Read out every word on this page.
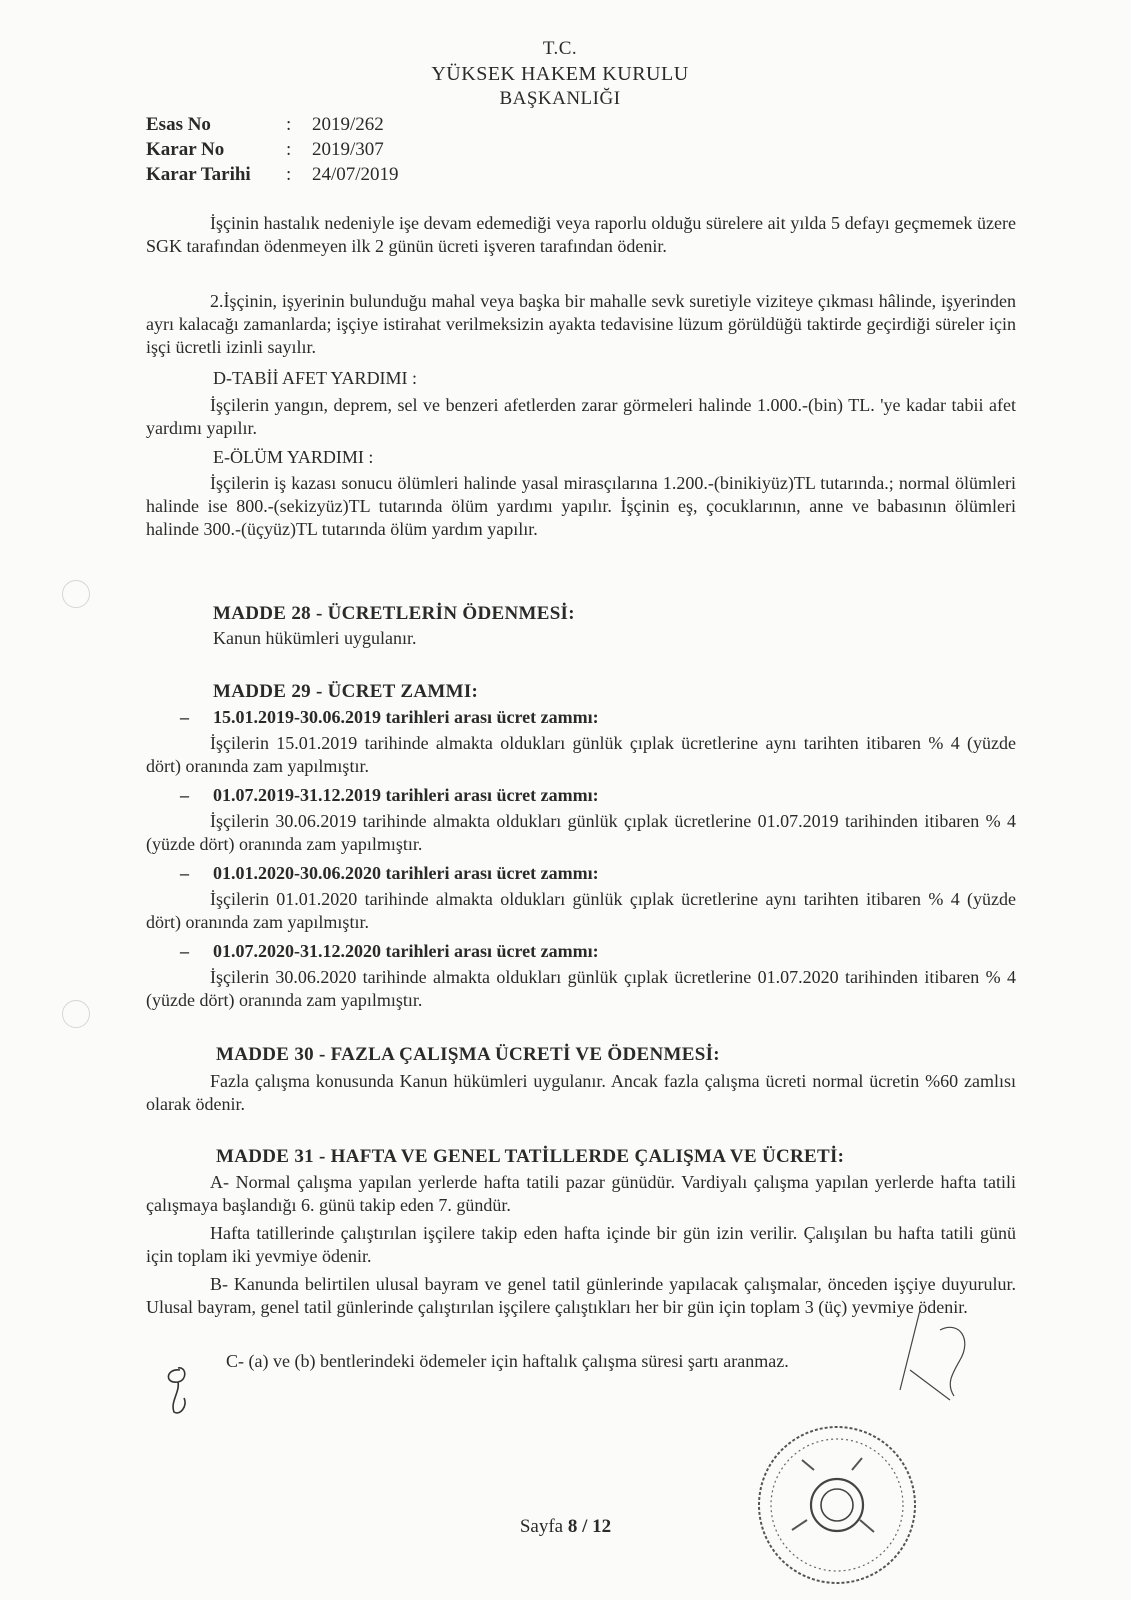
T.C.
YÜKSEK HAKEM KURULU
BAŞKANLIĞI
Esas No	: 2019/262
Karar No	: 2019/307
Karar Tarihi : 24/07/2019
İşçinin hastalık nedeniyle işe devam edemediği veya raporlu olduğu sürelere ait yılda 5 defayı geçmemek üzere SGK tarafından ödenmeyen ilk 2 günün ücreti işveren tarafından ödenir.
2.İşçinin, işyerinin bulunduğu mahal veya başka bir mahalle sevk suretiyle viziteye çıkması hâlinde, işyerinden ayrı kalacağı zamanlarda; işçiye istirahat verilmeksizin ayakta tedavisine lüzum görüldüğü taktirde geçirdiği süreler için işçi ücretli izinli sayılır.
D-TABİİ AFET YARDIMI :
İşçilerin yangın, deprem, sel ve benzeri afetlerden zarar görmeleri halinde 1.000.-(bin) TL. 'ye kadar tabii afet yardımı yapılır.
E-ÖLÜM YARDIMI :
İşçilerin iş kazası sonucu ölümleri halinde yasal mirasçılarına 1.200.-(binikiyüz)TL tutarında.; normal ölümleri halinde ise 800.-(sekizyüz)TL tutarında ölüm yardımı yapılır. İşçinin eş, çocuklarının, anne ve babasının ölümleri halinde 300.-(üçyüz)TL tutarında ölüm yardım yapılır.
MADDE 28 - ÜCRETLERİN ÖDENMESİ:
Kanun hükümleri uygulanır.
MADDE 29 - ÜCRET ZAMMI:
– 15.01.2019-30.06.2019 tarihleri arası ücret zammı:
İşçilerin 15.01.2019 tarihinde almakta oldukları günlük çıplak ücretlerine aynı tarihten itibaren % 4 (yüzde dört) oranında zam yapılmıştır.
– 01.07.2019-31.12.2019 tarihleri arası ücret zammı:
İşçilerin 30.06.2019 tarihinde almakta oldukları günlük çıplak ücretlerine 01.07.2019 tarihinden itibaren % 4 (yüzde dört) oranında zam yapılmıştır.
– 01.01.2020-30.06.2020 tarihleri arası ücret zammı:
İşçilerin 01.01.2020 tarihinde almakta oldukları günlük çıplak ücretlerine aynı tarihten itibaren % 4 (yüzde dört) oranında zam yapılmıştır.
– 01.07.2020-31.12.2020 tarihleri arası ücret zammı:
İşçilerin 30.06.2020 tarihinde almakta oldukları günlük çıplak ücretlerine 01.07.2020 tarihinden itibaren % 4 (yüzde dört) oranında zam yapılmıştır.
MADDE 30 - FAZLA ÇALIŞMA ÜCRETİ VE ÖDENMESİ:
Fazla çalışma konusunda Kanun hükümleri uygulanır. Ancak fazla çalışma ücreti normal ücretin %60 zamlısı olarak ödenir.
MADDE 31 - HAFTA VE GENEL TATİLLERDE ÇALIŞMA VE ÜCRETİ:
A- Normal çalışma yapılan yerlerde hafta tatili pazar günüdür. Vardiyalı çalışma yapılan yerlerde hafta tatili çalışmaya başlandığı 6. günü takip eden 7. gündür.
Hafta tatillerinde çalıştırılan işçilere takip eden hafta içinde bir gün izin verilir. Çalışılan bu hafta tatili günü için toplam iki yevmiye ödenir.
B- Kanunda belirtilen ulusal bayram ve genel tatil günlerinde yapılacak çalışmalar, önceden işçiye duyurulur. Ulusal bayram, genel tatil günlerinde çalıştırılan işçilere çalıştıkları her bir gün için toplam 3 (üç) yevmiye ödenir.
C- (a) ve (b) bentlerindeki ödemeler için haftalık çalışma süresi şartı aranmaz.
Sayfa 8 / 12
